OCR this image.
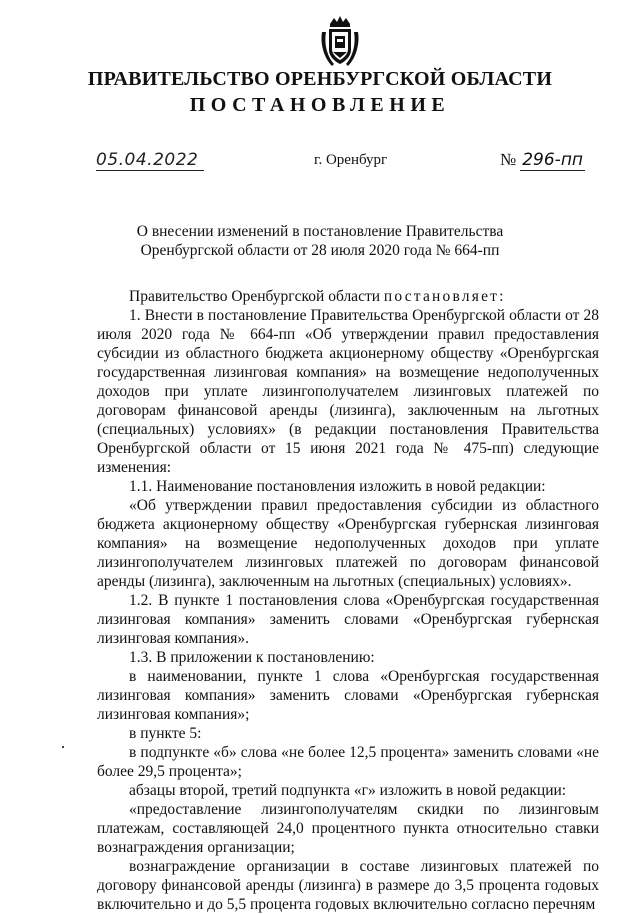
ПРАВИТЕЛЬСТВО ОРЕНБУРГСКОЙ ОБЛАСТИ
ПОСТАНОВЛЕНИЕ
05.04.2022	г. Оренбург	№ 296-пп
О внесении изменений в постановление Правительства
Оренбургской области от 28 июля 2020 года № 664-пп

Правительство Оренбургской области постановляет:

1. Внести в постановление Правительства Оренбургской области от 28 июля 2020 года № 664-пп «Об утверждении правил предоставления субсидии из областного бюджета акционерному обществу «Оренбургская государственная лизинговая компания» на возмещение недополученных доходов при уплате лизингополучателем лизинговых платежей по договорам финансовой аренды (лизинга), заключенным на льготных (специальных) условиях» (в редакции постановления Правительства Оренбургской области от 15 июня 2021 года № 475-пп) следующие изменения:

1.1. Наименование постановления изложить в новой редакции:

«Об утверждении правил предоставления субсидии из областного бюджета акционерному обществу «Оренбургская губернская лизинговая компания» на возмещение недополученных доходов при уплате лизингополучателем лизинговых платежей по договорам финансовой аренды (лизинга), заключенным на льготных (специальных) условиях».

1.2. В пункте 1 постановления слова «Оренбургская государственная лизинговая компания» заменить словами «Оренбургская губернская лизинговая компания».

1.3. В приложении к постановлению:

в наименовании, пункте 1 слова «Оренбургская государственная лизинговая компания» заменить словами «Оренбургская губернская лизинговая компания»;

в пункте 5:

в подпункте «б» слова «не более 12,5 процента» заменить словами «не более 29,5 процента»;

абзацы второй, третий подпункта «г» изложить в новой редакции:

«предоставление лизингополучателям скидки по лизинговым платежам, составляющей 24,0 процентного пункта относительно ставки вознаграждения организации;

вознаграждение организации в составе лизинговых платежей по договору финансовой аренды (лизинга) в размере до 3,5 процента годовых включительно и до 5,5 процента годовых включительно согласно перечням
